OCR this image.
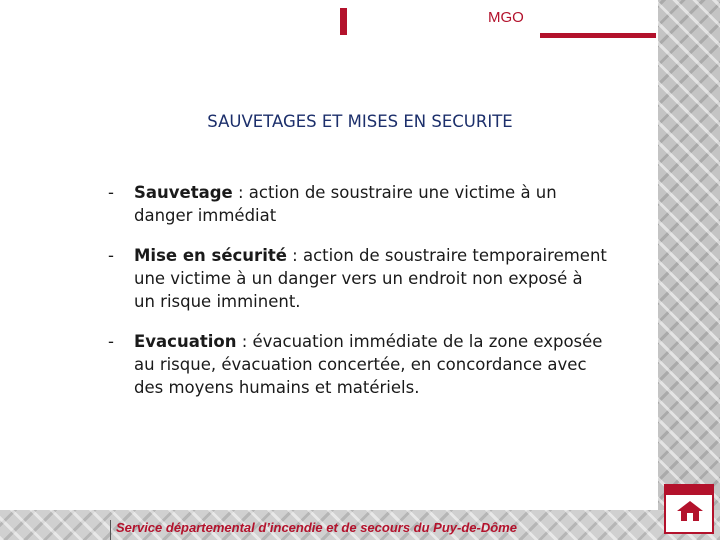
MGO
SAUVETAGES ET MISES EN SECURITE
- Sauvetage : action de soustraire une victime à un danger immédiat
- Mise en sécurité : action de soustraire temporairement une victime à un danger vers un endroit non exposé à un risque imminent.
- Evacuation : évacuation immédiate de la zone exposée au risque, évacuation concertée, en concordance avec des moyens humains et matériels.
Service départemental d’incendie et de secours du Puy-de-Dôme
